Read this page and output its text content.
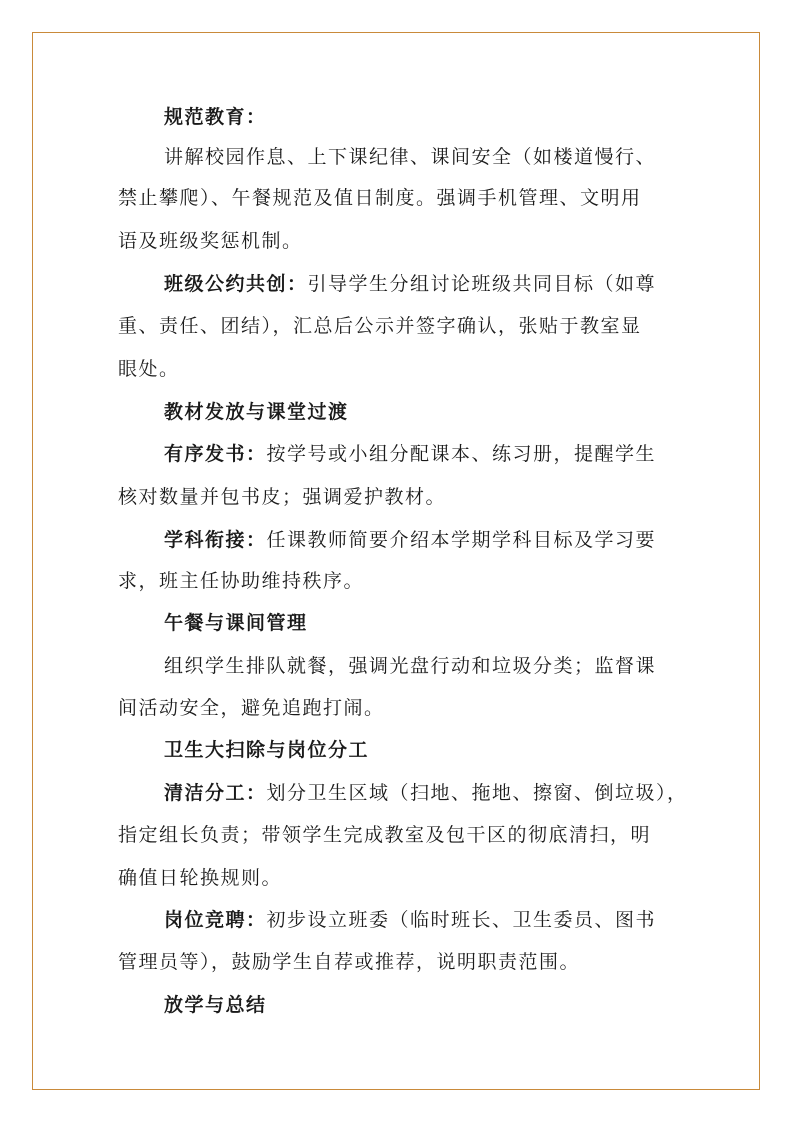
规范教育：
讲解校园作息、上下课纪律、课间安全（如楼道慢行、
禁止攀爬）、午餐规范及值日制度。强调手机管理、文明用
语及班级奖惩机制。
班级公约共创：引导学生分组讨论班级共同目标（如尊
重、责任、团结），汇总后公示并签字确认，张贴于教室显
眼处。
教材发放与课堂过渡
有序发书：按学号或小组分配课本、练习册，提醒学生
核对数量并包书皮；强调爱护教材。
学科衔接：任课教师简要介绍本学期学科目标及学习要
求，班主任协助维持秩序。
午餐与课间管理
组织学生排队就餐，强调光盘行动和垃圾分类；监督课
间活动安全，避免追跑打闹。
卫生大扫除与岗位分工
清洁分工：划分卫生区域（扫地、拖地、擦窗、倒垃圾），
指定组长负责；带领学生完成教室及包干区的彻底清扫，明
确值日轮换规则。
岗位竞聘：初步设立班委（临时班长、卫生委员、图书
管理员等），鼓励学生自荐或推荐，说明职责范围。
放学与总结
